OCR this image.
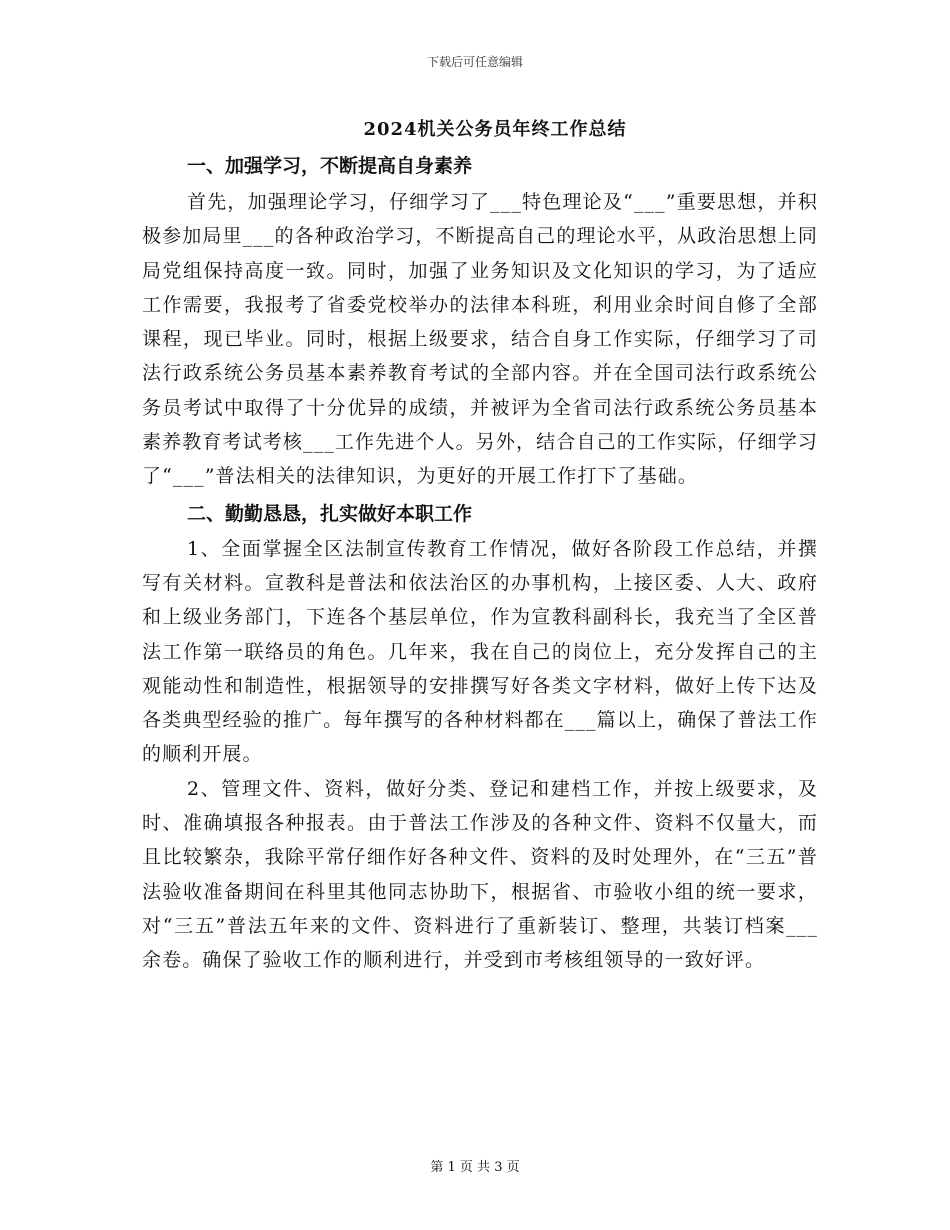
下载后可任意编辑
2024机关公务员年终工作总结
一、加强学习，不断提高自身素养

首先，加强理论学习，仔细学习了___特色理论及“___”重要思想，并积极参加局里___的各种政治学习，不断提高自己的理论水平，从政治思想上同局党组保持高度一致。同时，加强了业务知识及文化知识的学习，为了适应工作需要，我报考了省委党校举办的法律本科班，利用业余时间自修了全部课程，现已毕业。同时，根据上级要求，结合自身工作实际，仔细学习了司法行政系统公务员基本素养教育考试的全部内容。并在全国司法行政系统公务员考试中取得了十分优异的成绩，并被评为全省司法行政系统公务员基本素养教育考试考核___工作先进个人。另外，结合自己的工作实际，仔细学习了“___”普法相关的法律知识，为更好的开展工作打下了基础。

二、勤勤恳恳，扎实做好本职工作

1、全面掌握全区法制宣传教育工作情况，做好各阶段工作总结，并撰写有关材料。宣教科是普法和依法治区的办事机构，上接区委、人大、政府和上级业务部门，下连各个基层单位，作为宣教科副科长，我充当了全区普法工作第一联络员的角色。几年来，我在自己的岗位上，充分发挥自己的主观能动性和制造性，根据领导的安排撰写好各类文字材料，做好上传下达及各类典型经验的推广。每年撰写的各种材料都在___篇以上，确保了普法工作的顺利开展。

2、管理文件、资料，做好分类、登记和建档工作，并按上级要求，及时、准确填报各种报表。由于普法工作涉及的各种文件、资料不仅量大，而且比较繁杂，我除平常仔细作好各种文件、资料的及时处理外，在“三五”普法验收准备期间在科里其他同志协助下，根据省、市验收小组的统一要求，对“三五”普法五年来的文件、资料进行了重新装订、整理，共装订档案___余卷。确保了验收工作的顺利进行，并受到市考核组领导的一致好评。

第 1 页 共 3 页
